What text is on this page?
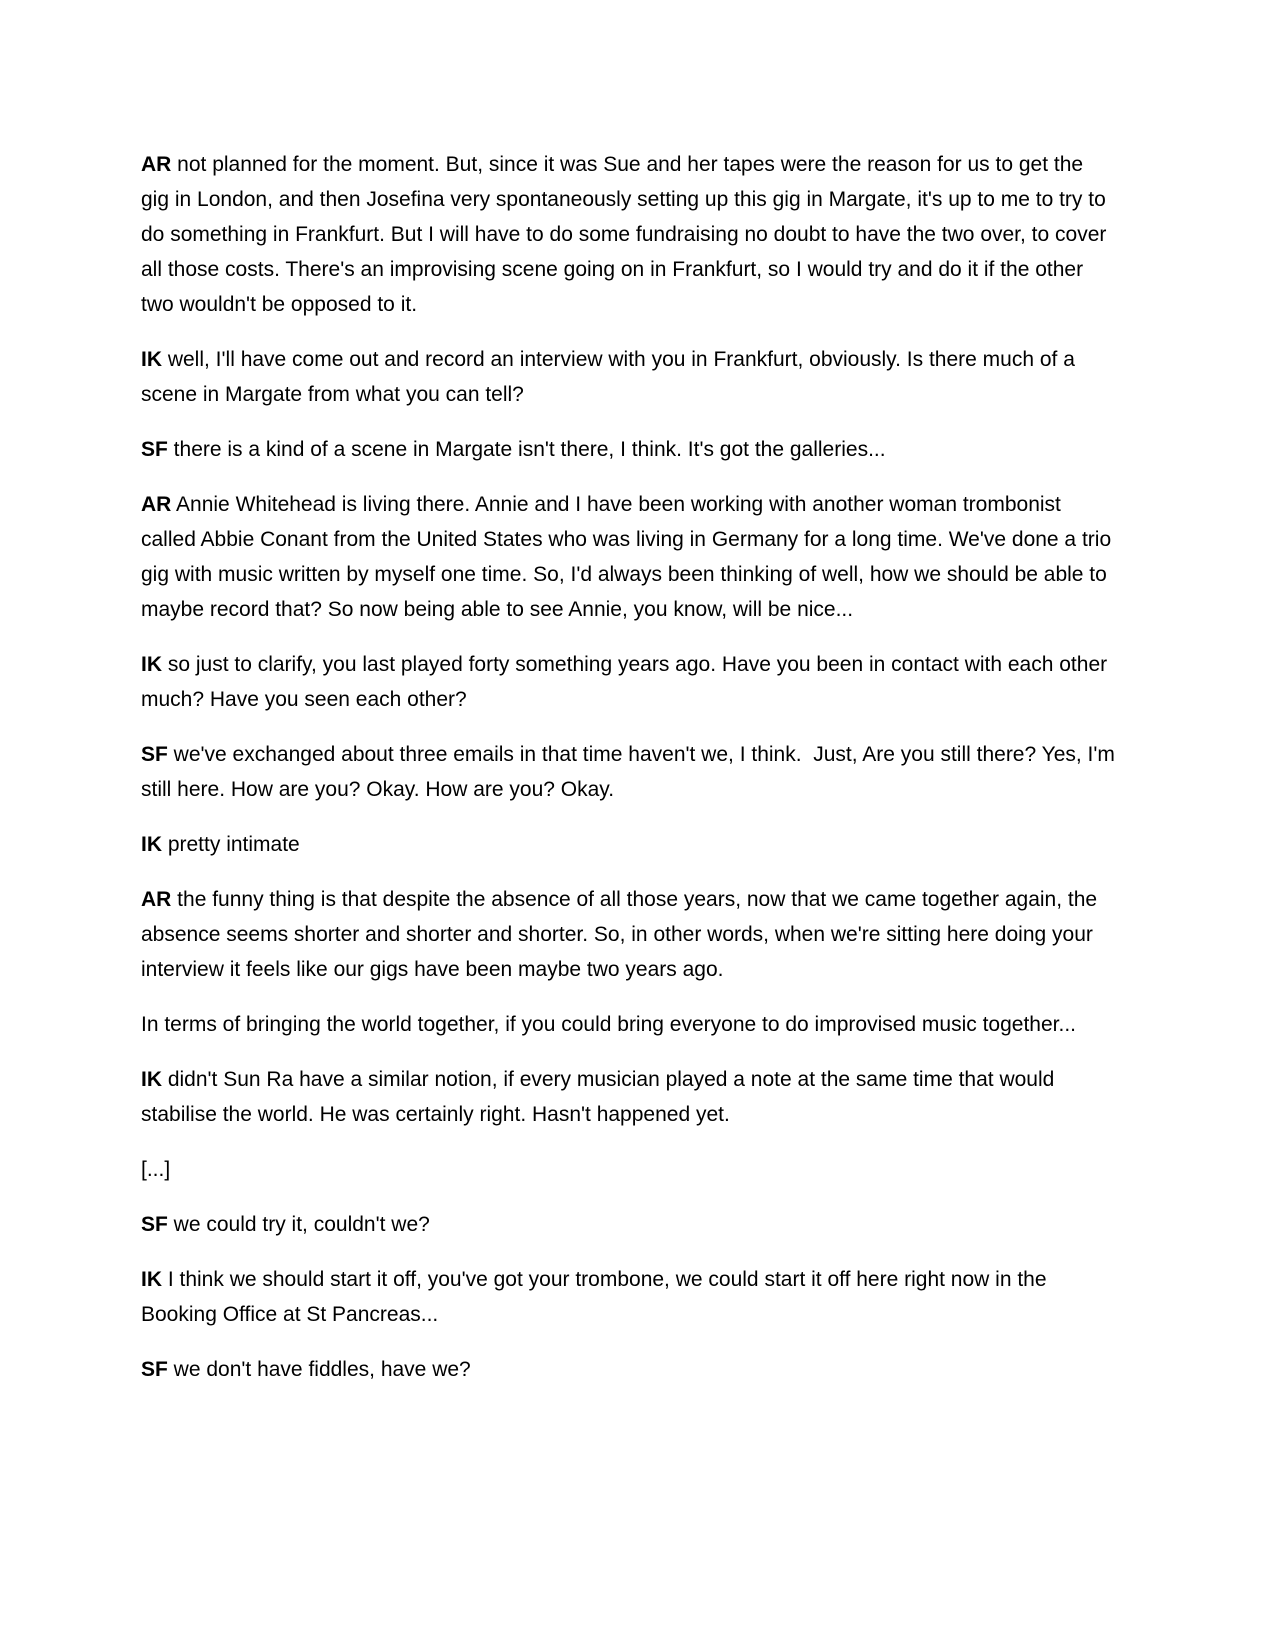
AR not planned for the moment. But, since it was Sue and her tapes were the reason for us to get the gig in London, and then Josefina very spontaneously setting up this gig in Margate, it's up to me to try to do something in Frankfurt. But I will have to do some fundraising no doubt to have the two over, to cover all those costs. There's an improvising scene going on in Frankfurt, so I would try and do it if the other two wouldn't be opposed to it.

IK well, I'll have come out and record an interview with you in Frankfurt, obviously. Is there much of a scene in Margate from what you can tell?

SF there is a kind of a scene in Margate isn't there, I think. It's got the galleries...

AR Annie Whitehead is living there. Annie and I have been working with another woman trombonist called Abbie Conant from the United States who was living in Germany for a long time. We've done a trio gig with music written by myself one time. So, I'd always been thinking of well, how we should be able to maybe record that? So now being able to see Annie, you know, will be nice...

IK so just to clarify, you last played forty something years ago. Have you been in contact with each other much? Have you seen each other?

SF we've exchanged about three emails in that time haven't we, I think.  Just, Are you still there? Yes, I'm still here. How are you? Okay. How are you? Okay.

IK pretty intimate

AR the funny thing is that despite the absence of all those years, now that we came together again, the absence seems shorter and shorter and shorter. So, in other words, when we're sitting here doing your interview it feels like our gigs have been maybe two years ago.

In terms of bringing the world together, if you could bring everyone to do improvised music together...

IK didn't Sun Ra have a similar notion, if every musician played a note at the same time that would stabilise the world. He was certainly right. Hasn't happened yet.

[...]

SF we could try it, couldn't we?

IK I think we should start it off, you've got your trombone, we could start it off here right now in the Booking Office at St Pancreas...

SF we don't have fiddles, have we?
